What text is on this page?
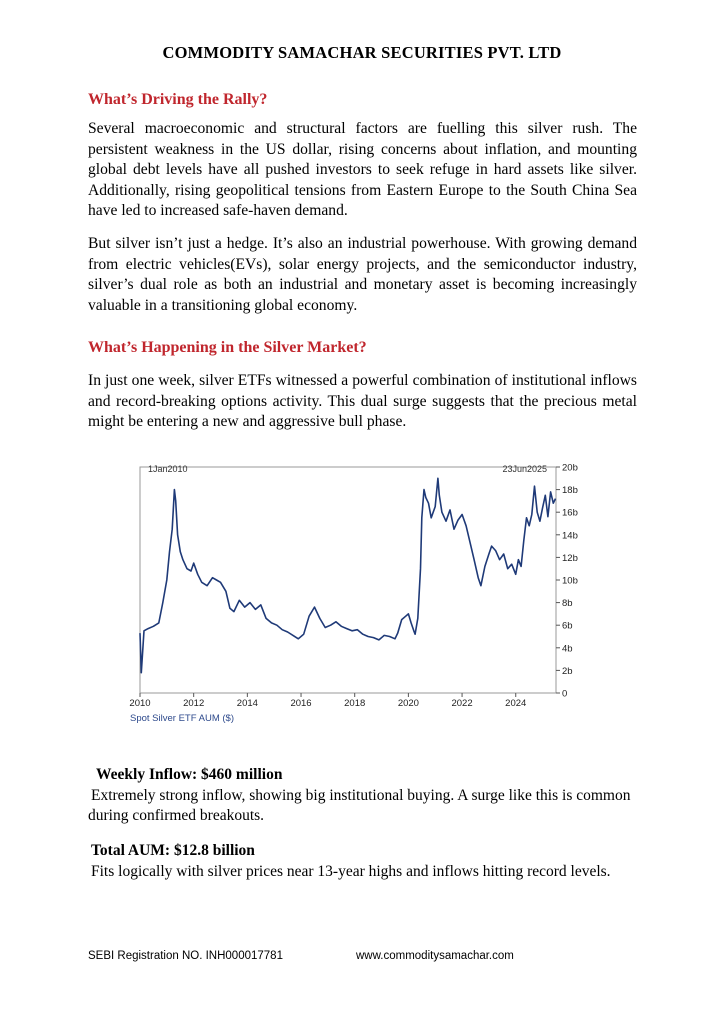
COMMODITY SAMACHAR SECURITIES PVT. LTD
What’s Driving the Rally?

Several macroeconomic and structural factors are fuelling this silver rush. The persistent weakness in the US dollar, rising concerns about inflation, and mounting global debt levels have all pushed investors to seek refuge in hard assets like silver. Additionally, rising geopolitical tensions from Eastern Europe to the South China Sea have led to increased safe-haven demand.

But silver isn’t just a hedge. It’s also an industrial powerhouse. With growing demand from electric vehicles(EVs), solar energy projects, and the semiconductor industry, silver’s dual role as both an industrial and monetary asset is becoming increasingly valuable in a transitioning global economy.

What’s Happening in the Silver Market?

In just one week, silver ETFs witnessed a powerful combination of institutional inflows and record-breaking options activity. This dual surge suggests that the precious metal might be entering a new and aggressive bull phase.

2010	2012	2014	2016	2018	2020	2022	2024
0
2b
4b
6b
8b
10b
12b
14b
16b
18b
20b
1Jan2010	23Jun2025
Spot Silver ETF AUM ($)
Weekly Inflow: $460 million

Extremely strong inflow, showing big institutional buying. A surge like this is common during confirmed breakouts.

Total AUM: $12.8 billion

Fits logically with silver prices near 13-year highs and inflows hitting record levels.

SEBI Registration NO. INH000017781	www.commoditysamachar.com
